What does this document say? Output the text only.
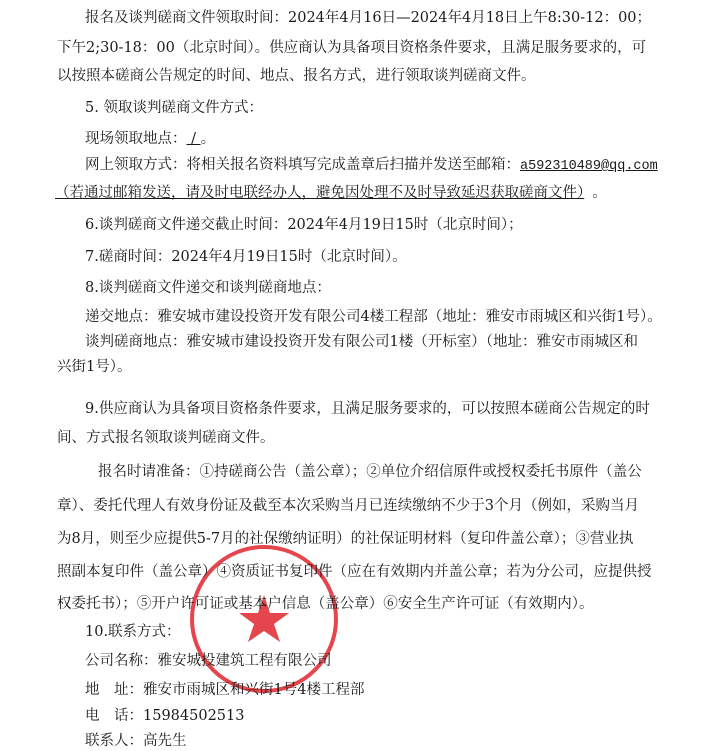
报名及谈判磋商文件领取时间：2024年4月16日—2024年4月18日上午8:30-12：00；
下午2;30-18：00（北京时间）。供应商认为具备项目资格条件要求，且满足服务要求的，可
以按照本磋商公告规定的时间、地点、报名方式，进行领取谈判磋商文件。
5. 领取谈判磋商文件方式：
现场领取地点： / 。
网上领取方式：将相关报名资料填写完成盖章后扫描并发送至邮箱：a592310489@qq.com
（若通过邮箱发送，请及时电联经办人，避免因处理不及时导致延迟获取磋商文件） 。
6.谈判磋商文件递交截止时间：2024年4月19日15时（北京时间）；
7.磋商时间：2024年4月19日15时（北京时间）。
8.谈判磋商文件递交和谈判磋商地点：
递交地点：雅安城市建设投资开发有限公司4楼工程部（地址：雅安市雨城区和兴街1号）。
谈判磋商地点：雅安城市建设投资开发有限公司1楼（开标室）（地址：雅安市雨城区和
兴街1号）。
9.供应商认为具备项目资格条件要求，且满足服务要求的，可以按照本磋商公告规定的时
间、方式报名领取谈判磋商文件。
报名时请准备：①持磋商公告（盖公章）；②单位介绍信原件或授权委托书原件（盖公
章）、委托代理人有效身份证及截至本次采购当月已连续缴纳不少于3个月（例如，采购当月
为8月，则至少应提供5-7月的社保缴纳证明）的社保证明材料（复印件盖公章）；③营业执
照副本复印件（盖公章）④资质证书复印件（应在有效期内并盖公章；若为分公司，应提供授
权委托书）；⑤开户许可证或基本户信息（盖公章）⑥安全生产许可证（有效期内）。
10.联系方式：
公司名称：雅安城投建筑工程有限公司
地　址：雅安市雨城区和兴街1号4楼工程部
电　话：15984502513
联系人：高先生
